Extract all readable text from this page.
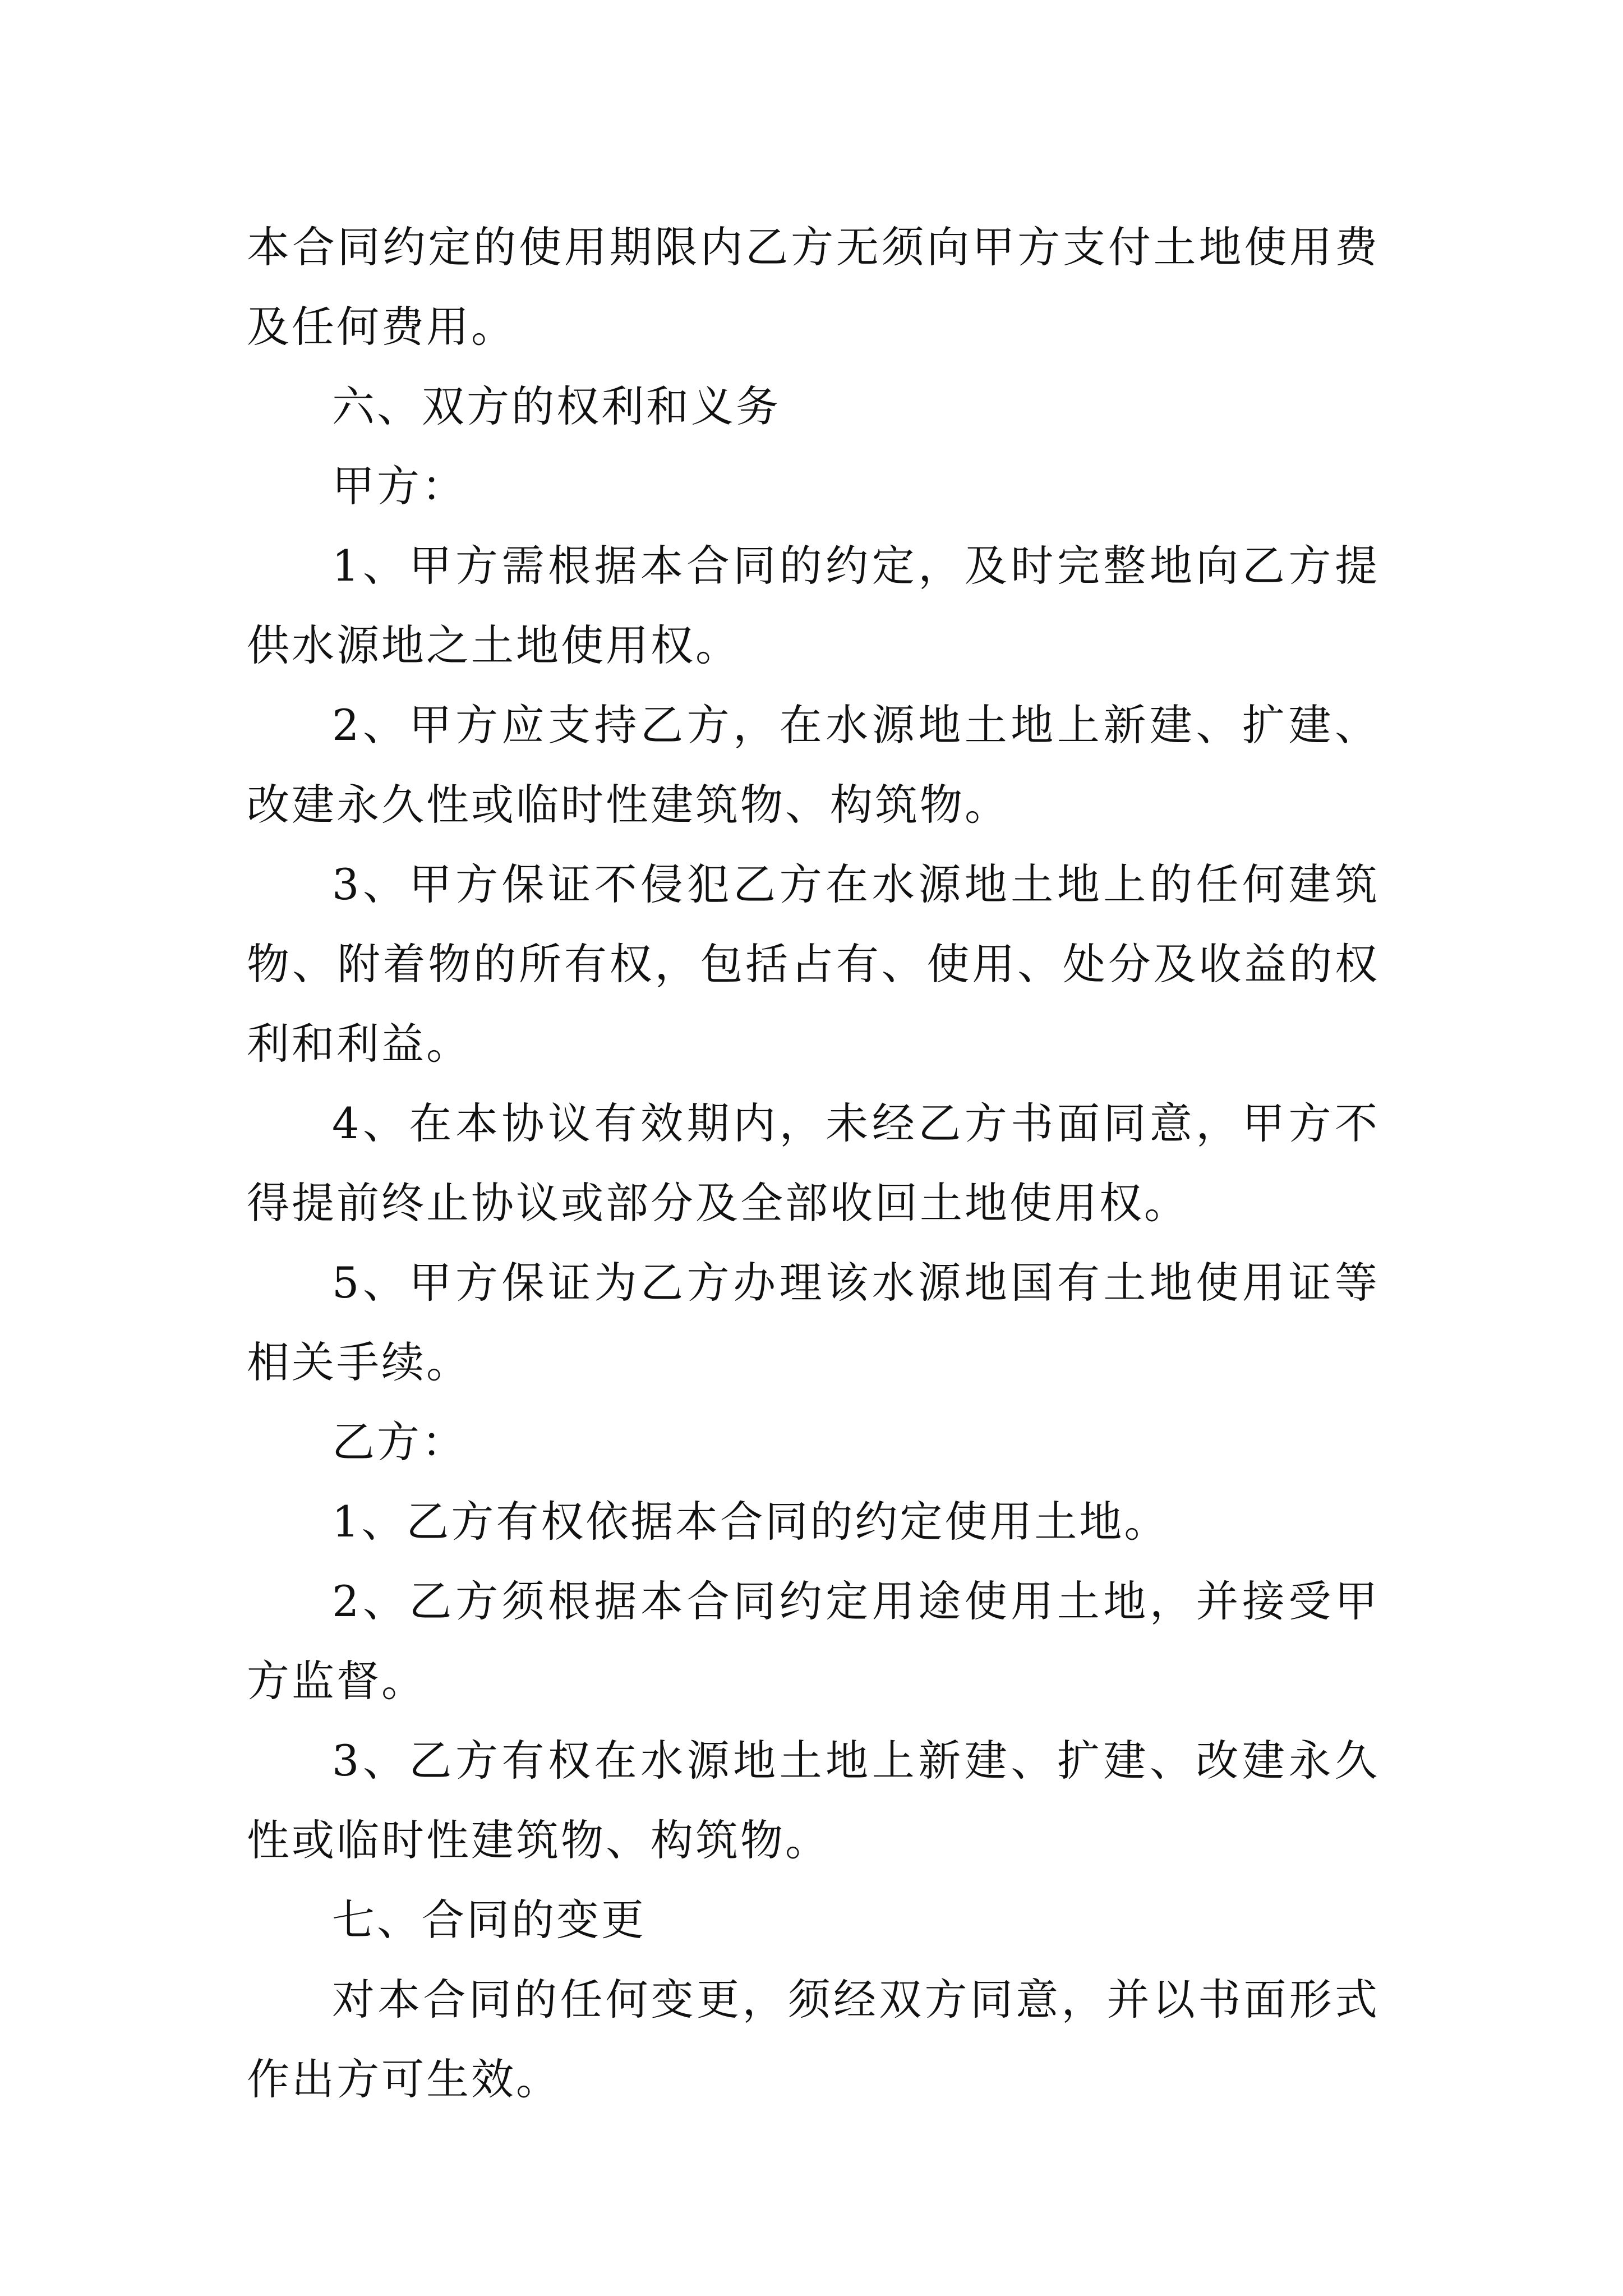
本合同约定的使用期限内乙方无须向甲方支付土地使用费及任何费用。

六、双方的权利和义务

甲方：

1、甲方需根据本合同的约定，及时完整地向乙方提供水源地之土地使用权。

2、甲方应支持乙方，在水源地土地上新建、扩建、改建永久性或临时性建筑物、构筑物。

3、甲方保证不侵犯乙方在水源地土地上的任何建筑物、附着物的所有权，包括占有、使用、处分及收益的权利和利益。

4、在本协议有效期内，未经乙方书面同意，甲方不得提前终止协议或部分及全部收回土地使用权。

5、甲方保证为乙方办理该水源地国有土地使用证等相关手续。

乙方：

1、乙方有权依据本合同的约定使用土地。

2、乙方须根据本合同约定用途使用土地，并接受甲方监督。

3、乙方有权在水源地土地上新建、扩建、改建永久性或临时性建筑物、构筑物。

七、合同的变更

对本合同的任何变更，须经双方同意，并以书面形式作出方可生效。
